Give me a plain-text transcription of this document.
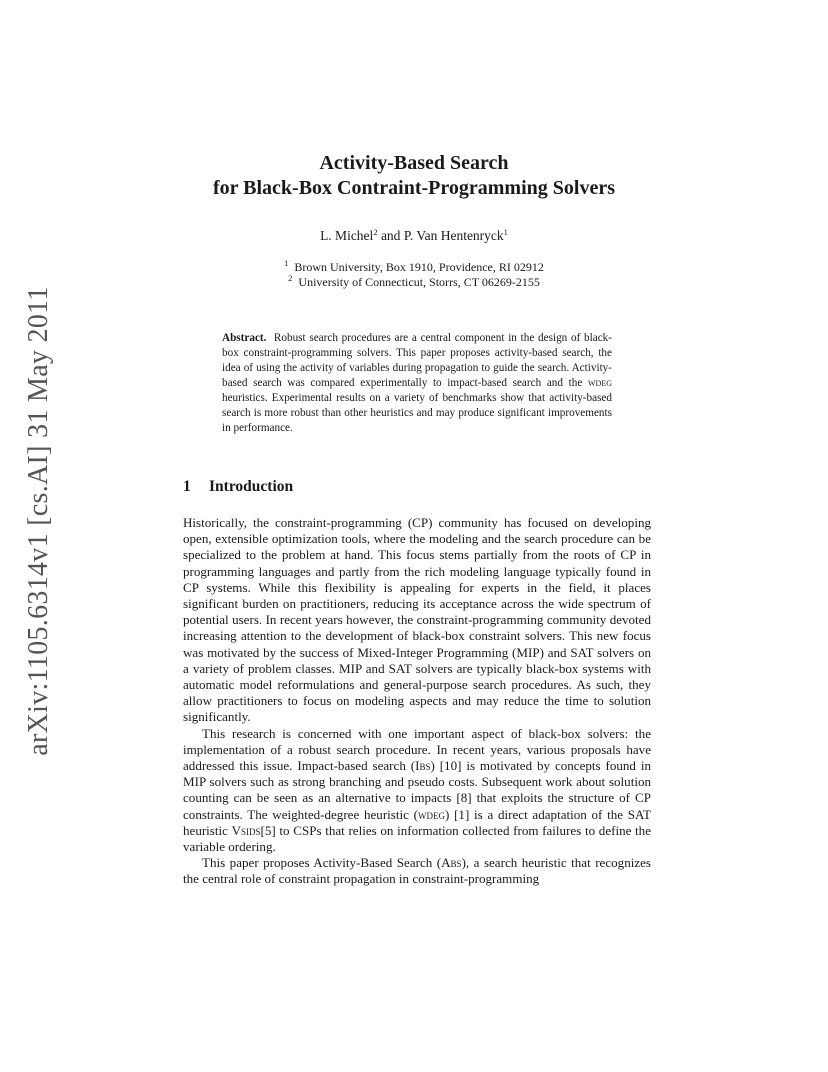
arXiv:1105.6314v1 [cs.AI] 31 May 2011
Activity-Based Search
for Black-Box Contraint-Programming Solvers
L. Michel$^2$ and P. Van Hentenryck$^1$
$^1$ Brown University, Box 1910, Providence, RI 02912
$^2$ University of Connecticut, Storrs, CT 06269-2155
Abstract. Robust search procedures are a central component in the design of black-box constraint-programming solvers. This paper proposes activity-based search, the idea of using the activity of variables during propagation to guide the search. Activity-based search was compared experimentally to impact-based search and the wdeg heuristics. Experimental results on a variety of benchmarks show that activity-based search is more robust than other heuristics and may produce significant improvements in performance.
1 Introduction

Historically, the constraint-programming (CP) community has focused on developing open, extensible optimization tools, where the modeling and the search procedure can be specialized to the problem at hand. This focus stems partially from the roots of CP in programming languages and partly from the rich modeling language typically found in CP systems. While this flexibility is appealing for experts in the field, it places significant burden on practitioners, reducing its acceptance across the wide spectrum of potential users. In recent years however, the constraint-programming community devoted increasing attention to the development of black-box constraint solvers. This new focus was motivated by the success of Mixed-Integer Programming (MIP) and SAT solvers on a variety of problem classes. MIP and SAT solvers are typically black-box systems with automatic model reformulations and general-purpose search procedures. As such, they allow practitioners to focus on modeling aspects and may reduce the time to solution significantly.

This research is concerned with one important aspect of black-box solvers: the implementation of a robust search procedure. In recent years, various proposals have addressed this issue. Impact-based search (Ibs) [10] is motivated by concepts found in MIP solvers such as strong branching and pseudo costs. Subsequent work about solution counting can be seen as an alternative to impacts [8] that exploits the structure of CP constraints. The weighted-degree heuristic (wdeg) [1] is a direct adaptation of the SAT heuristic Vsids[5] to CSPs that relies on information collected from failures to define the variable ordering.

This paper proposes Activity-Based Search (Abs), a search heuristic that recognizes the central role of constraint propagation in constraint-programming
